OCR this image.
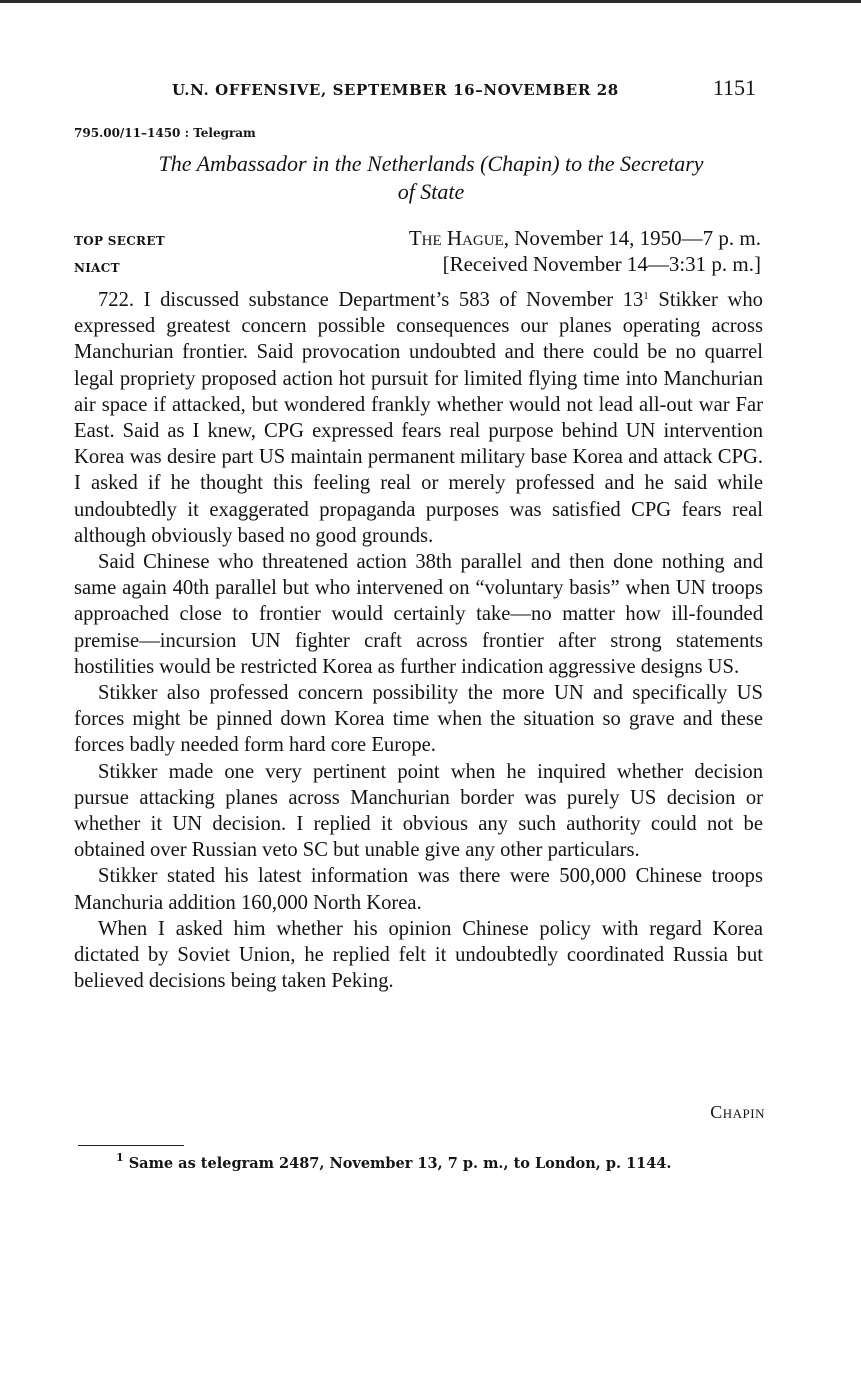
U.N. OFFENSIVE, SEPTEMBER 16–NOVEMBER 28	1151
795.00/11–1450 : Telegram
The Ambassador in the Netherlands (Chapin) to the Secretary
of State
TOP SECRET
NIACT
The Hague, November 14, 1950—7 p. m.
[Received November 14—3:31 p. m.]

722. I discussed substance Department’s 583 of November $13^1$ Stikker who expressed greatest concern possible consequences our planes operating across Manchurian frontier. Said provocation undoubted and there could be no quarrel legal propriety proposed action hot pursuit for limited flying time into Manchurian air space if attacked, but wondered frankly whether would not lead all-out war Far East. Said as I knew, CPG expressed fears real purpose behind UN intervention Korea was desire part US maintain permanent military base Korea and attack CPG. I asked if he thought this feeling real or merely professed and he said while undoubtedly it exaggerated propaganda purposes was satisfied CPG fears real although obviously based no good grounds.

Said Chinese who threatened action 38th parallel and then done nothing and same again 40th parallel but who intervened on “voluntary basis” when UN troops approached close to frontier would certainly take—no matter how ill-founded premise—incursion UN fighter craft across frontier after strong statements hostilities would be restricted Korea as further indication aggressive designs US.

Stikker also professed concern possibility the more UN and specifically US forces might be pinned down Korea time when the situation so grave and these forces badly needed form hard core Europe.

Stikker made one very pertinent point when he inquired whether decision pursue attacking planes across Manchurian border was purely US decision or whether it UN decision. I replied it obvious any such authority could not be obtained over Russian veto SC but unable give any other particulars.

Stikker stated his latest information was there were 500,000 Chinese troops Manchuria addition 160,000 North Korea.

When I asked him whether his opinion Chinese policy with regard Korea dictated by Soviet Union, he replied felt it undoubtedly coordinated Russia but believed decisions being taken Peking.

Chapin
$^1$ Same as telegram 2487, November 13, 7 p. m., to London, p. 1144.
